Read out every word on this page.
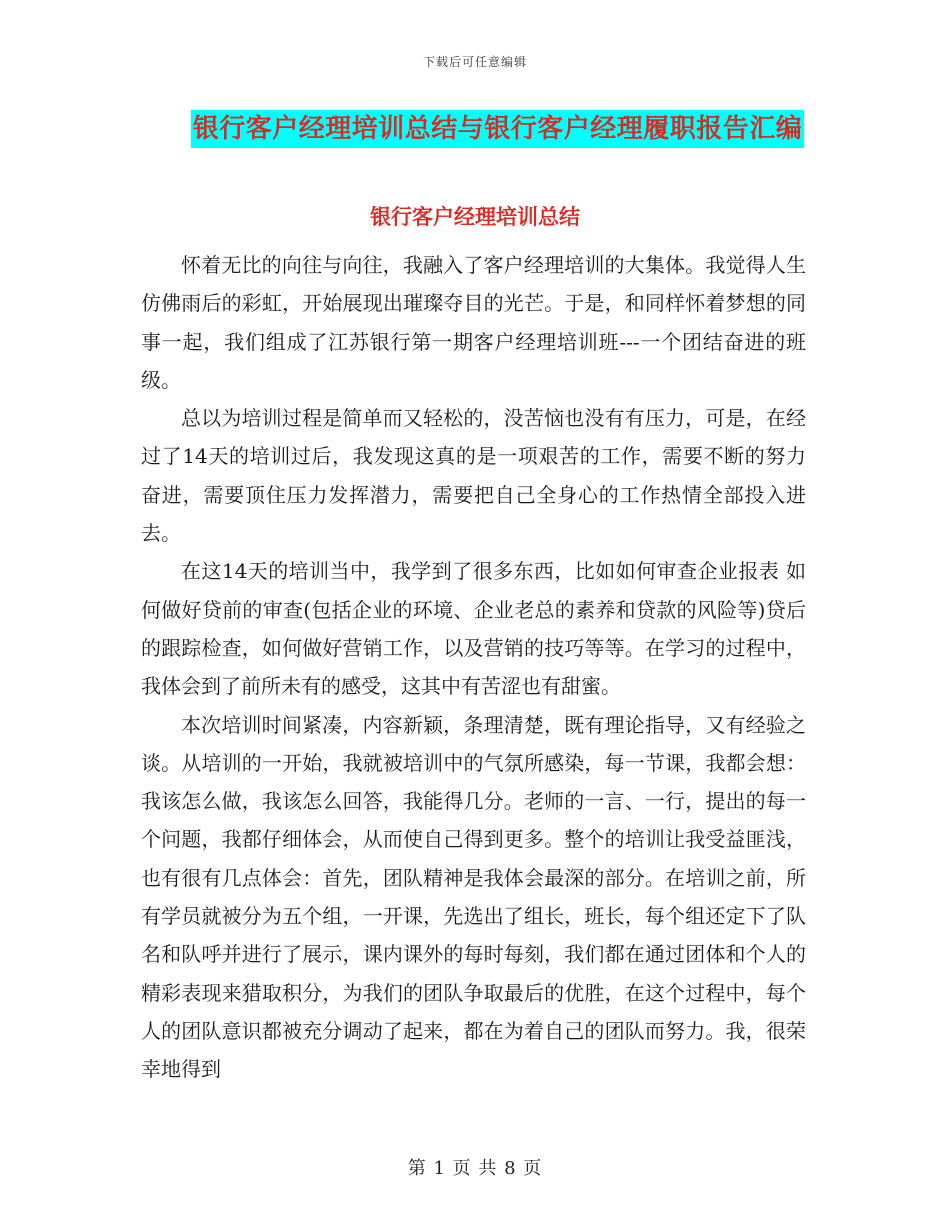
下载后可任意编辑
银行客户经理培训总结与银行客户经理履职报告汇编
银行客户经理培训总结

怀着无比的向往与向往，我融入了客户经理培训的大集体。我觉得人生仿佛雨后的彩虹，开始展现出璀璨夺目的光芒。于是，和同样怀着梦想的同事一起，我们组成了江苏银行第一期客户经理培训班---一个团结奋进的班级。

总以为培训过程是简单而又轻松的，没苦恼也没有有压力，可是，在经过了14天的培训过后，我发现这真的是一项艰苦的工作，需要不断的努力奋进，需要顶住压力发挥潜力，需要把自己全身心的工作热情全部投入进去。

在这14天的培训当中，我学到了很多东西，比如如何审查企业报表 如何做好贷前的审查(包括企业的环境、企业老总的素养和贷款的风险等)贷后的跟踪检查，如何做好营销工作，以及营销的技巧等等。在学习的过程中，我体会到了前所未有的感受，这其中有苦涩也有甜蜜。

本次培训时间紧凑，内容新颖，条理清楚，既有理论指导，又有经验之谈。从培训的一开始，我就被培训中的气氛所感染，每一节课，我都会想：我该怎么做，我该怎么回答，我能得几分。老师的一言、一行，提出的每一个问题，我都仔细体会，从而使自己得到更多。整个的培训让我受益匪浅，也有很有几点体会：首先，团队精神是我体会最深的部分。在培训之前，所有学员就被分为五个组，一开课，先选出了组长，班长，每个组还定下了队名和队呼并进行了展示，课内课外的每时每刻，我们都在通过团体和个人的精彩表现来猎取积分，为我们的团队争取最后的优胜，在这个过程中，每个人的团队意识都被充分调动了起来，都在为着自己的团队而努力。我，很荣幸地得到

第 1 页 共 8 页
